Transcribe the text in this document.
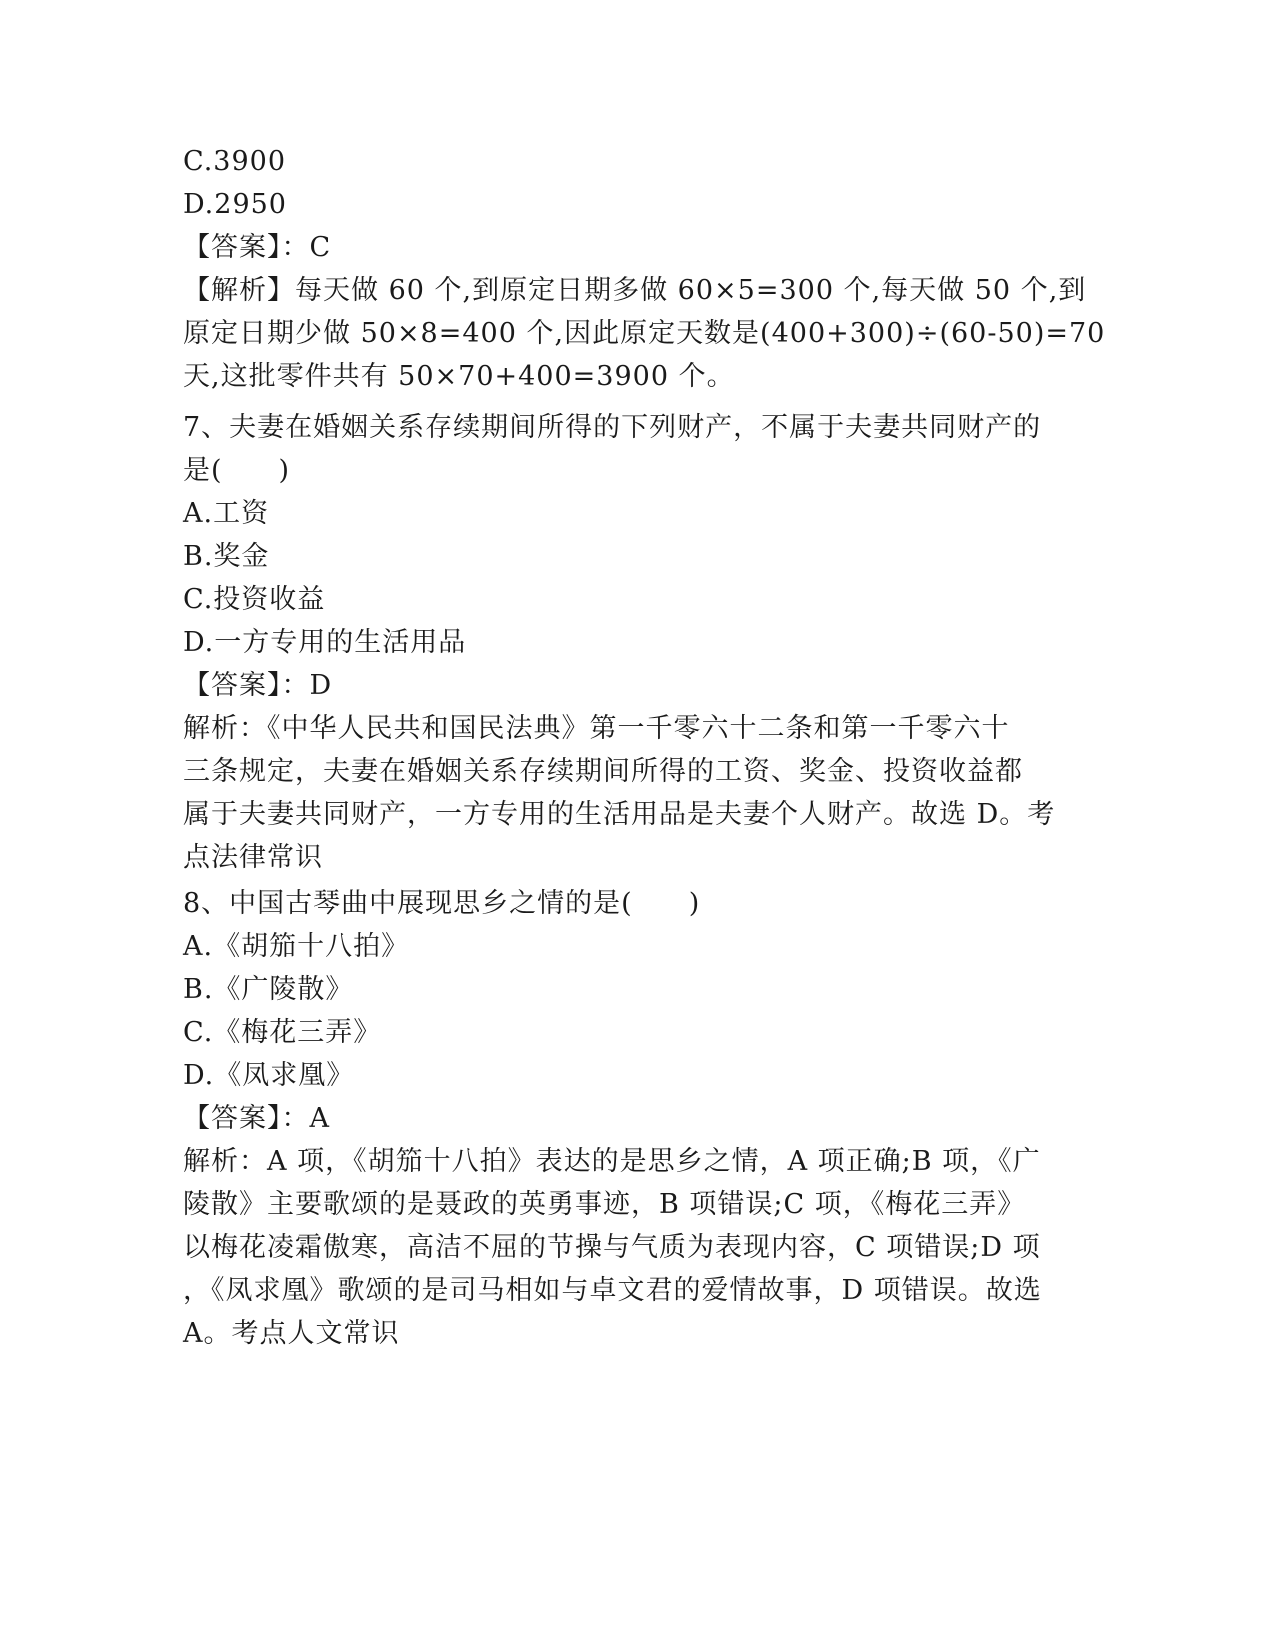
C.3900
D.2950
【答案】：C
【解析】每天做 60 个,到原定日期多做 60×5=300 个,每天做 50 个,到
原定日期少做 50×8=400 个,因此原定天数是(400+300)÷(60-50)=70
天,这批零件共有 50×70+400=3900 个。
7、夫妻在婚姻关系存续期间所得的下列财产，不属于夫妻共同财产的
是(　　)
A.工资
B.奖金
C.投资收益
D.一方专用的生活用品
【答案】：D
解析：《中华人民共和国民法典》第一千零六十二条和第一千零六十
三条规定，夫妻在婚姻关系存续期间所得的工资、奖金、投资收益都
属于夫妻共同财产，一方专用的生活用品是夫妻个人财产。故选 D。考
点法律常识
8、中国古琴曲中展现思乡之情的是(　　)
A.《胡笳十八拍》
B.《广陵散》
C.《梅花三弄》
D.《凤求凰》
【答案】：A
解析：A 项，《胡笳十八拍》表达的是思乡之情，A 项正确;B 项，《广
陵散》主要歌颂的是聂政的英勇事迹，B 项错误;C 项，《梅花三弄》
以梅花凌霜傲寒，高洁不屈的节操与气质为表现内容，C 项错误;D 项
，《凤求凰》歌颂的是司马相如与卓文君的爱情故事，D 项错误。故选
A。考点人文常识
